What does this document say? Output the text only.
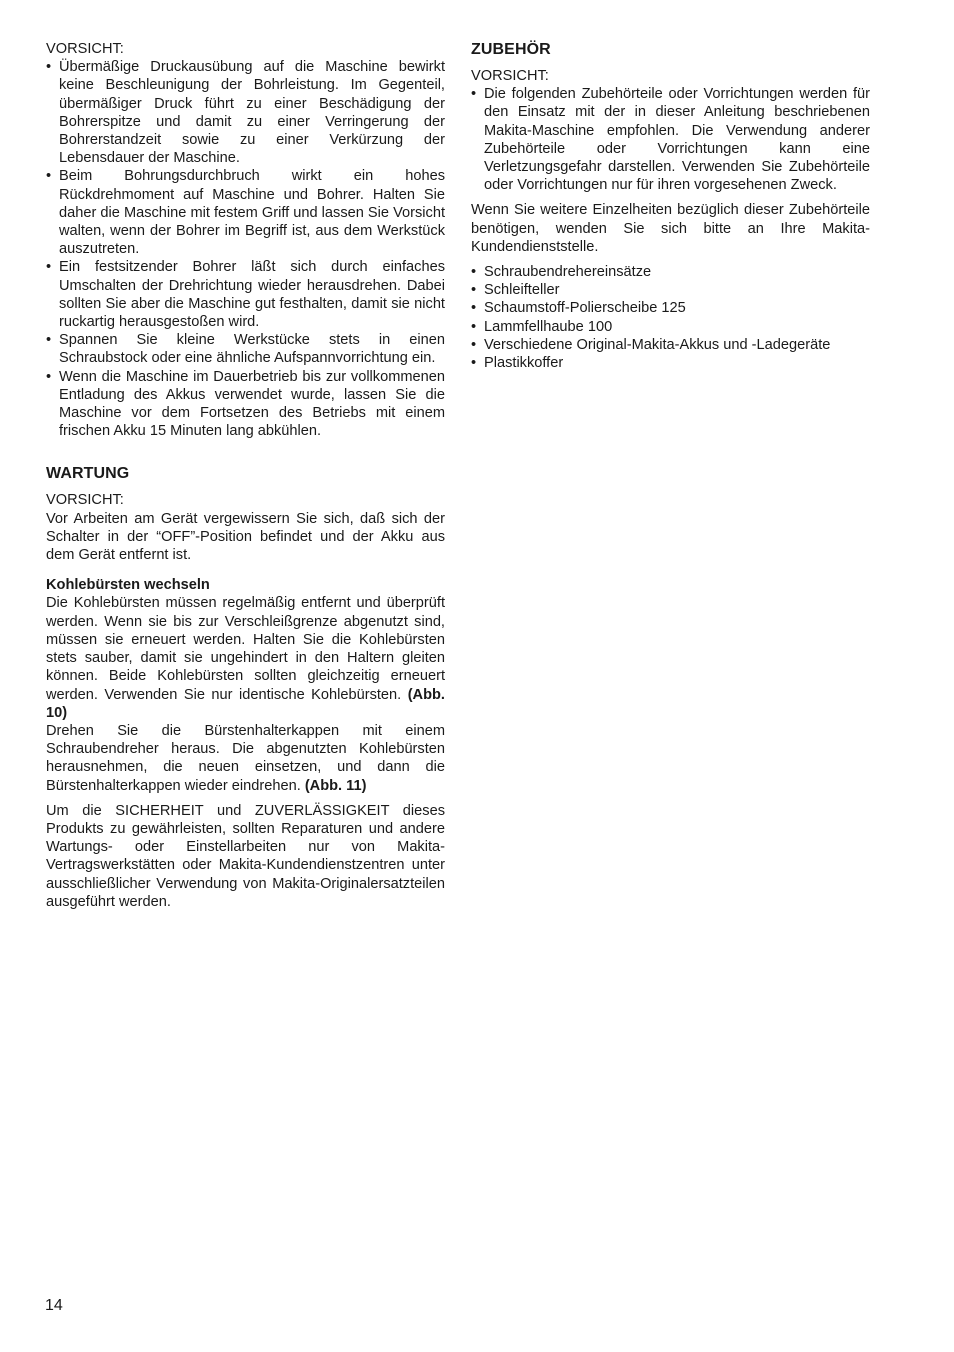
VORSICHT:

• Übermäßige Druckausübung auf die Maschine bewirkt keine Beschleunigung der Bohrleistung. Im Gegenteil, übermäßiger Druck führt zu einer Beschädigung der Bohrerspitze und damit zu einer Verringerung der Bohrerstandzeit sowie zu einer Verkürzung der Lebensdauer der Maschine.
• Beim Bohrungsdurchbruch wirkt ein hohes Rückdrehmoment auf Maschine und Bohrer. Halten Sie daher die Maschine mit festem Griff und lassen Sie Vorsicht walten, wenn der Bohrer im Begriff ist, aus dem Werkstück auszutreten.
• Ein festsitzender Bohrer läßt sich durch einfaches Umschalten der Drehrichtung wieder herausdrehen. Dabei sollten Sie aber die Maschine gut festhalten, damit sie nicht ruckartig herausgestoßen wird.
• Spannen Sie kleine Werkstücke stets in einen Schraubstock oder eine ähnliche Aufspannvorrichtung ein.
• Wenn die Maschine im Dauerbetrieb bis zur vollkommenen Entladung des Akkus verwendet wurde, lassen Sie die Maschine vor dem Fortsetzen des Betriebs mit einem frischen Akku 15 Minuten lang abkühlen.
WARTUNG

VORSICHT:

Vor Arbeiten am Gerät vergewissern Sie sich, daß sich der Schalter in der “OFF”-Position befindet und der Akku aus dem Gerät entfernt ist.

Kohlebürsten wechseln

Die Kohlebürsten müssen regelmäßig entfernt und überprüft werden. Wenn sie bis zur Verschleißgrenze abgenutzt sind, müssen sie erneuert werden. Halten Sie die Kohlebürsten stets sauber, damit sie ungehindert in den Haltern gleiten können. Beide Kohlebürsten sollten gleichzeitig erneuert werden. Verwenden Sie nur identische Kohlebürsten. (Abb. 10)

Drehen Sie die Bürstenhalterkappen mit einem Schraubendreher heraus. Die abgenutzten Kohlebürsten herausnehmen, die neuen einsetzen, und dann die Bürstenhalterkappen wieder eindrehen. (Abb. 11)

Um die SICHERHEIT und ZUVERLÄSSIGKEIT dieses Produkts zu gewährleisten, sollten Reparaturen und andere Wartungs- oder Einstellarbeiten nur von Makita-Vertragswerkstätten oder Makita-Kundendienstzentren unter ausschließlicher Verwendung von Makita-Originalersatzteilen ausgeführt werden.

ZUBEHÖR

VORSICHT:

• Die folgenden Zubehörteile oder Vorrichtungen werden für den Einsatz mit der in dieser Anleitung beschriebenen Makita-Maschine empfohlen. Die Verwendung anderer Zubehörteile oder Vorrichtungen kann eine Verletzungsgefahr darstellen. Verwenden Sie Zubehörteile oder Vorrichtungen nur für ihren vorgesehenen Zweck.

Wenn Sie weitere Einzelheiten bezüglich dieser Zubehörteile benötigen, wenden Sie sich bitte an Ihre Makita-Kundendienststelle.

• Schraubendrehereinsätze
• Schleifteller
• Schaumstoff-Polierscheibe 125
• Lammfellhaube 100
• Verschiedene Original-Makita-Akkus und -Ladegeräte
• Plastikkoffer
14
